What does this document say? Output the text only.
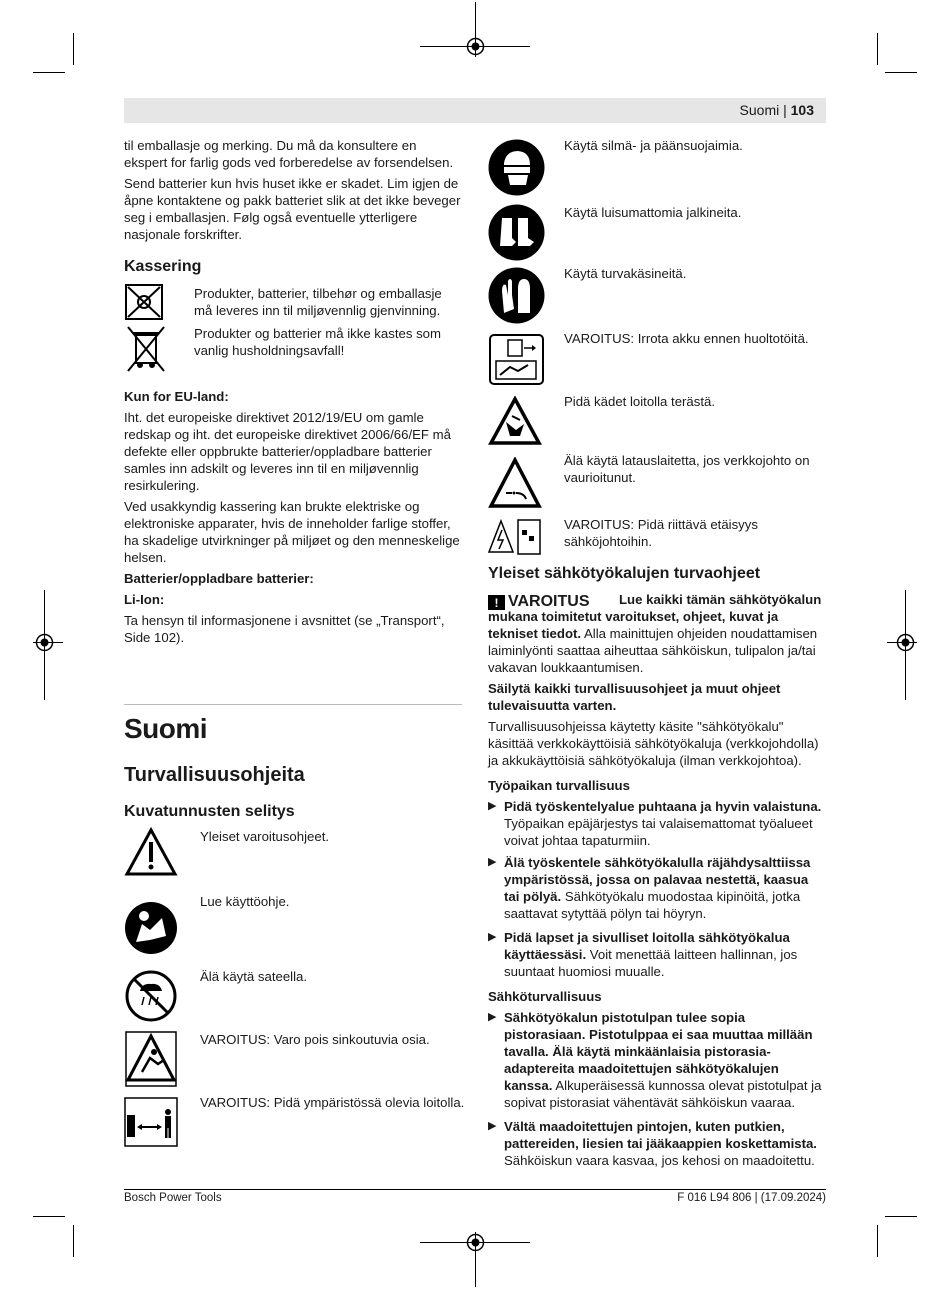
Suomi | 103

til emballasje og merking. Du må da konsultere en ekspert for farlig gods ved forberedelse av forsendelsen.

Send batterier kun hvis huset ikke er skadet. Lim igjen de åpne kontaktene og pakk batteriet slik at det ikke beveger seg i emballasjen. Følg også eventuelle ytterligere nasjonale forskrifter.

Kassering
Produkter, batterier, tilbehør og emballasje må leveres inn til miljøvennlig gjenvinning.
Produkter og batterier må ikke kastes som vanlig husholdningsavfall!

Kun for EU-land:

Iht. det europeiske direktivet 2012/19/EU om gamle redskap og iht. det europeiske direktivet 2006/66/EF må defekte eller oppbrukte batterier/oppladbare batterier samles inn adskilt og leveres inn til en miljøvennlig resirkulering.

Ved usakkyndig kassering kan brukte elektriske og elektroniske apparater, hvis de inneholder farlige stoffer, ha skadelige utvirkninger på miljøet og den menneskelige helsen.

Batterier/oppladbare batterier:

Li-Ion:

Ta hensyn til informasjonene i avsnittet (se „Transport“, Side 102).

Suomi
Turvallisuusohjeita
Kuvatunnusten selitys
Yleiset varoitusohjeet.
Lue käyttöohje.
Älä käytä sateella.
VAROITUS: Varo pois sinkoutuvia osia.
VAROITUS: Pidä ympäristössä olevia loitolla.
Käytä silmä- ja päänsuojaimia.
Käytä luisumattomia jalkineita.
Käytä turvakäsineitä.
VAROITUS: Irrota akku ennen huoltotöitä.
Pidä kädet loitolla terästä.
Älä käytä latauslaitetta, jos verkkojohto on vaurioitunut.
VAROITUS: Pidä riittävä etäisyys sähköjohtoihin.
Yleiset sähkötyökalujen turvaohjeet
! VAROITUS	Lue kaikki tämän sähkötyökalun mukana toimitetut varoitukset, ohjeet, kuvat ja tekniset tiedot. Alla mainittujen ohjeiden noudattamisen laiminlyönti saattaa aiheuttaa sähköiskun, tulipalon ja/tai vakavan loukkaantumisen.

Säilytä kaikki turvallisuusohjeet ja muut ohjeet tulevaisuutta varten.

Turvallisuusohjeissa käytetty käsite "sähkötyökalu" käsittää verkkokäyttöisiä sähkötyökaluja (verkkojohdolla) ja akkukäyttöisiä sähkötyökaluja (ilman verkkojohtoa).

Työpaikan turvallisuus

▶ Pidä työskentelyalue puhtaana ja hyvin valaistuna. Työpaikan epäjärjestys tai valaisemattomat työalueet voivat johtaa tapaturmiin.
▶ Älä työskentele sähkötyökalulla räjähdysalttiissa ympäristössä, jossa on palavaa nestettä, kaasua tai pölyä. Sähkötyökalu muodostaa kipinöitä, jotka saattavat sytyttää pölyn tai höyryn.
▶ Pidä lapset ja sivulliset loitolla sähkötyökalua käyttäessäsi. Voit menettää laitteen hallinnan, jos suuntaat huomiosi muualle.
Sähköturvallisuus
▶ Sähkötyökalun pistotulpan tulee sopia pistorasiaan. Pistotulppaa ei saa muuttaa millään tavalla. Älä käytä minkäänlaisia pistorasia-adaptereita maadoitettujen sähkötyökalujen kanssa. Alkuperäisessä kunnossa olevat pistotulpat ja sopivat pistorasiat vähentävät sähköiskun vaaraa.
▶ Vältä maadoitettujen pintojen, kuten putkien, pattereiden, liesien tai jääkaappien koskettamista. Sähköiskun vaara kasvaa, jos kehosi on maadoitettu.
Bosch Power Tools	F 016 L94 806 | (17.09.2024)
